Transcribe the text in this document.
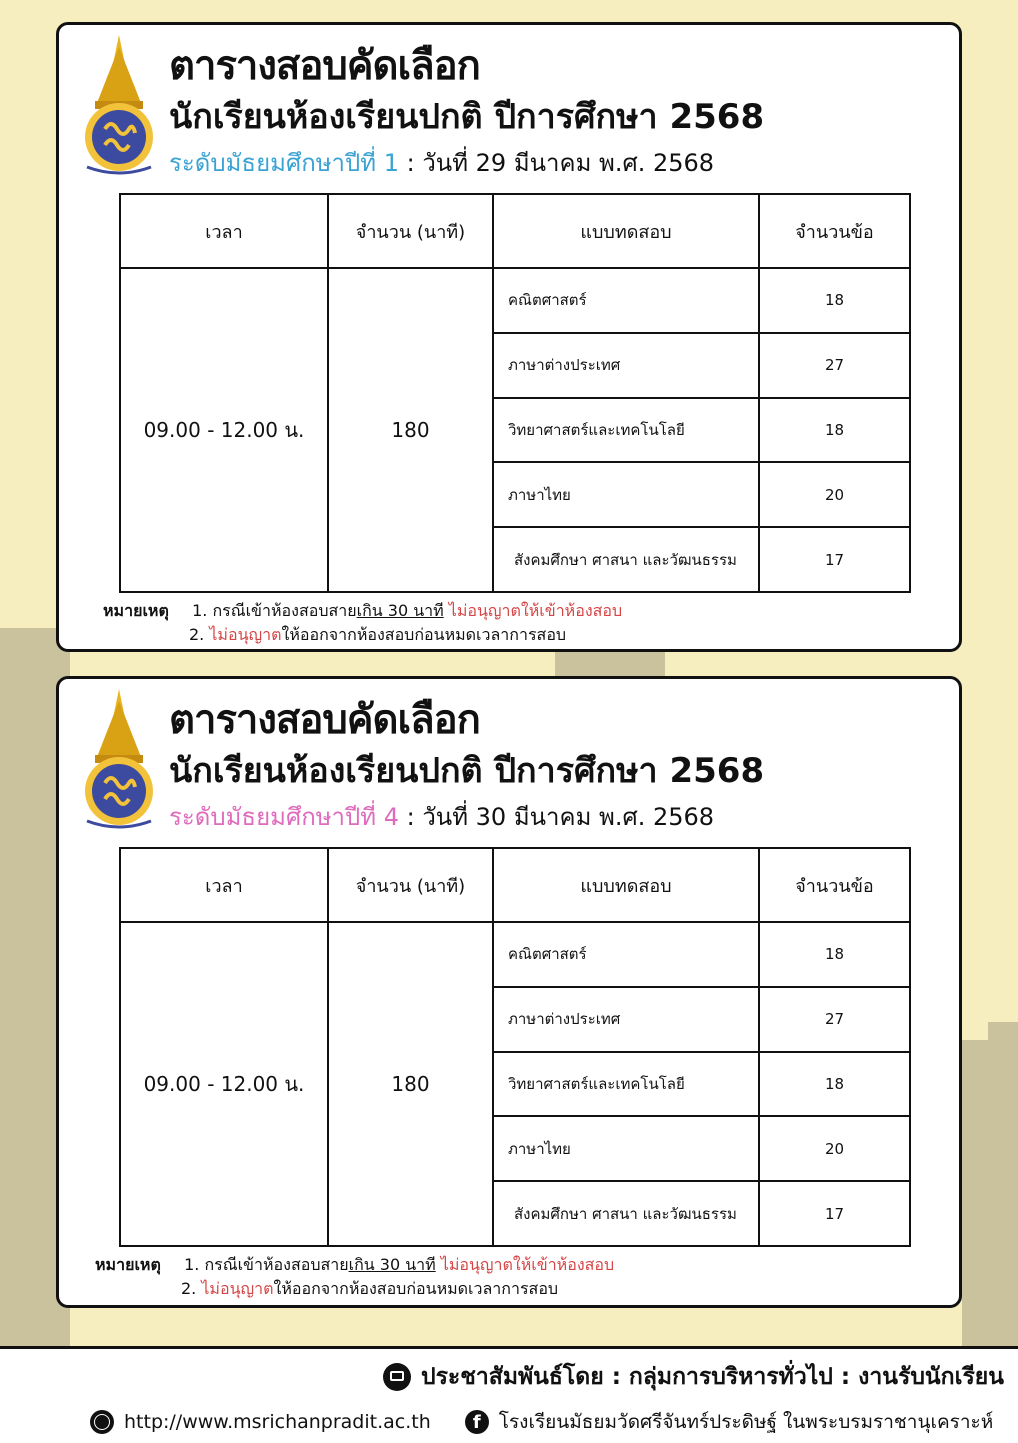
ตารางสอบคัดเลือก
นักเรียนห้องเรียนปกติ ปีการศึกษา 2568
ระดับมัธยมศึกษาปีที่ 1 : วันที่ 29 มีนาคม พ.ศ. 2568
เวลา	จำนวน (นาที)	แบบทดสอบ	จำนวนข้อ
09.00 - 12.00 น.	180	คณิตศาสตร์	18
		ภาษาต่างประเทศ	27
		วิทยาศาสตร์และเทคโนโลยี	18
		ภาษาไทย	20
		สังคมศึกษา ศาสนา และวัฒนธรรม	17
หมายเหตุ 1. กรณีเข้าห้องสอบสายเกิน 30 นาที ไม่อนุญาตให้เข้าห้องสอบ
2. ไม่อนุญาตให้ออกจากห้องสอบก่อนหมดเวลาการสอบ
ตารางสอบคัดเลือก
นักเรียนห้องเรียนปกติ ปีการศึกษา 2568
ระดับมัธยมศึกษาปีที่ 4 : วันที่ 30 มีนาคม พ.ศ. 2568
เวลา	จำนวน (นาที)	แบบทดสอบ	จำนวนข้อ
09.00 - 12.00 น.	180	คณิตศาสตร์	18
		ภาษาต่างประเทศ	27
		วิทยาศาสตร์และเทคโนโลยี	18
		ภาษาไทย	20
		สังคมศึกษา ศาสนา และวัฒนธรรม	17
หมายเหตุ 1. กรณีเข้าห้องสอบสายเกิน 30 นาที ไม่อนุญาตให้เข้าห้องสอบ
2. ไม่อนุญาตให้ออกจากห้องสอบก่อนหมดเวลาการสอบ
ประชาสัมพันธ์โดย : กลุ่มการบริหารทั่วไป : งานรับนักเรียน
http://www.msrichanpradit.ac.th	f โรงเรียนมัธยมวัดศรีจันทร์ประดิษฐ์ ในพระบรมราชานุเคราะห์
